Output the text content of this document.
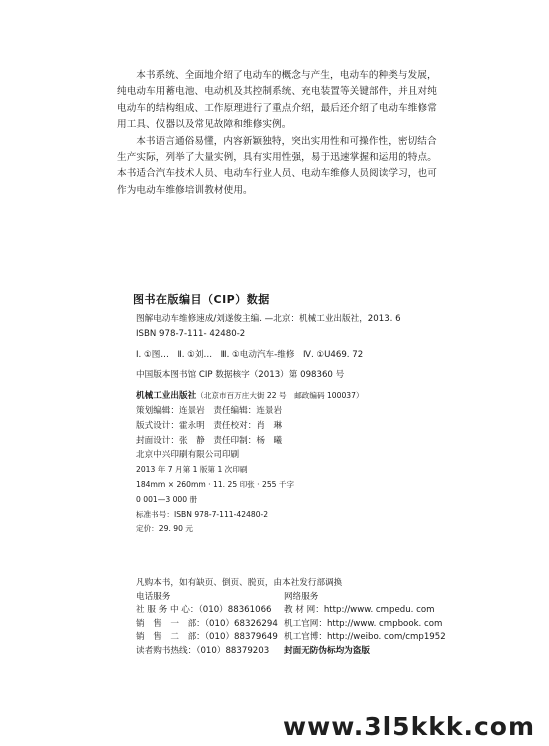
本书系统、全面地介绍了电动车的概念与产生，电动车的种类与发展，纯电动车用蓄电池、电动机及其控制系统、充电装置等关键部件，并且对纯电动车的结构组成、工作原理进行了重点介绍，最后还介绍了电动车维修常用工具、仪器以及常见故障和维修实例。

本书语言通俗易懂，内容新颖独特，突出实用性和可操作性，密切结合生产实际，列举了大量实例，具有实用性强，易于迅速掌握和运用的特点。本书适合汽车技术人员、电动车行业人员、电动车维修人员阅读学习，也可作为电动车维修培训教材使用。

图书在版编目（CIP）数据
图解电动车维修速成/刘遂俊主编. —北京：机械工业出版社，2013. 6
ISBN 978-7-111- 42480-2
Ⅰ. ①图…　Ⅱ. ①刘…　Ⅲ. ①电动汽车-维修　Ⅳ. ①U469. 72
中国版本图书馆 CIP 数据核字（2013）第 098360 号
机械工业出版社（北京市百万庄大街 22 号　邮政编码 100037）
策划编辑：连景岩　责任编辑：连景岩
版式设计：霍永明　责任校对：肖　琳
封面设计：张　静　责任印制：杨　曦
北京中兴印刷有限公司印刷
2013 年 7 月第 1 版第 1 次印刷
184mm × 260mm · 11. 25 印张 · 255 千字
0 001—3 000 册
标准书号：ISBN 978-7-111-42480-2
定价：29. 90 元
凡购本书，如有缺页、倒页、脱页，由本社发行部调换
电话服务	网络服务
社 服 务 中 心：（010）88361066	教 材 网：http://www. cmpedu. com
销　售　一　部：（010）68326294 机工官网：http://www. cmpbook. com
销　售　二　部：（010）88379649 机工官博：http://weibo. com/cmp1952
读者购书热线：（010）88379203	封面无防伪标均为盗版
www.3l5kkk.com
